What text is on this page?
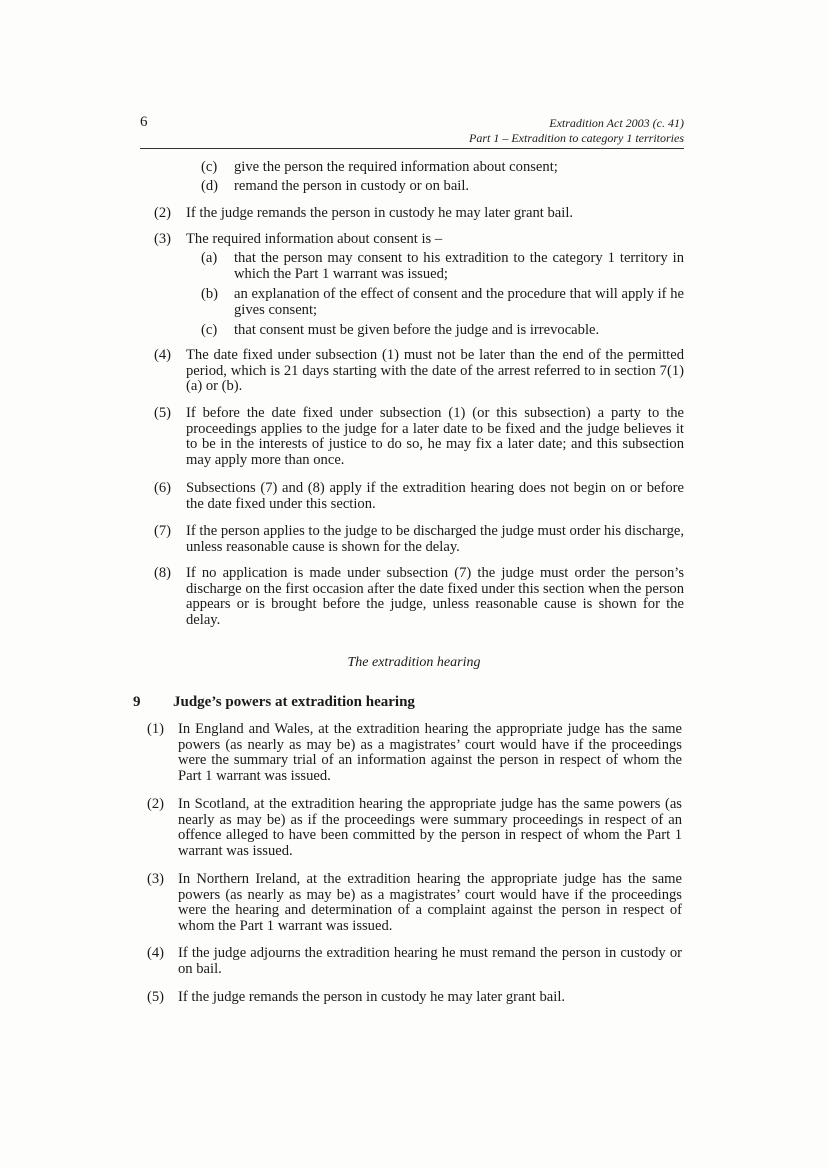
6	Extradition Act 2003 (c. 41)
Part 1 – Extradition to category 1 territories
(c) give the person the required information about consent;
(d) remand the person in custody or on bail.
(2) If the judge remands the person in custody he may later grant bail.
(3) The required information about consent is –
(a) that the person may consent to his extradition to the category 1 territory in which the Part 1 warrant was issued;
(b) an explanation of the effect of consent and the procedure that will apply if he gives consent;
(c) that consent must be given before the judge and is irrevocable.
(4) The date fixed under subsection (1) must not be later than the end of the permitted period, which is 21 days starting with the date of the arrest referred to in section 7(1)(a) or (b).
(5) If before the date fixed under subsection (1) (or this subsection) a party to the proceedings applies to the judge for a later date to be fixed and the judge believes it to be in the interests of justice to do so, he may fix a later date; and this subsection may apply more than once.
(6) Subsections (7) and (8) apply if the extradition hearing does not begin on or before the date fixed under this section.
(7) If the person applies to the judge to be discharged the judge must order his discharge, unless reasonable cause is shown for the delay.
(8) If no application is made under subsection (7) the judge must order the person’s discharge on the first occasion after the date fixed under this section when the person appears or is brought before the judge, unless reasonable cause is shown for the delay.
The extradition hearing
9 Judge’s powers at extradition hearing
(1) In England and Wales, at the extradition hearing the appropriate judge has the same powers (as nearly as may be) as a magistrates’ court would have if the proceedings were the summary trial of an information against the person in respect of whom the Part 1 warrant was issued.
(2) In Scotland, at the extradition hearing the appropriate judge has the same powers (as nearly as may be) as if the proceedings were summary proceedings in respect of an offence alleged to have been committed by the person in respect of whom the Part 1 warrant was issued.
(3) In Northern Ireland, at the extradition hearing the appropriate judge has the same powers (as nearly as may be) as a magistrates’ court would have if the proceedings were the hearing and determination of a complaint against the person in respect of whom the Part 1 warrant was issued.
(4) If the judge adjourns the extradition hearing he must remand the person in custody or on bail.
(5) If the judge remands the person in custody he may later grant bail.
